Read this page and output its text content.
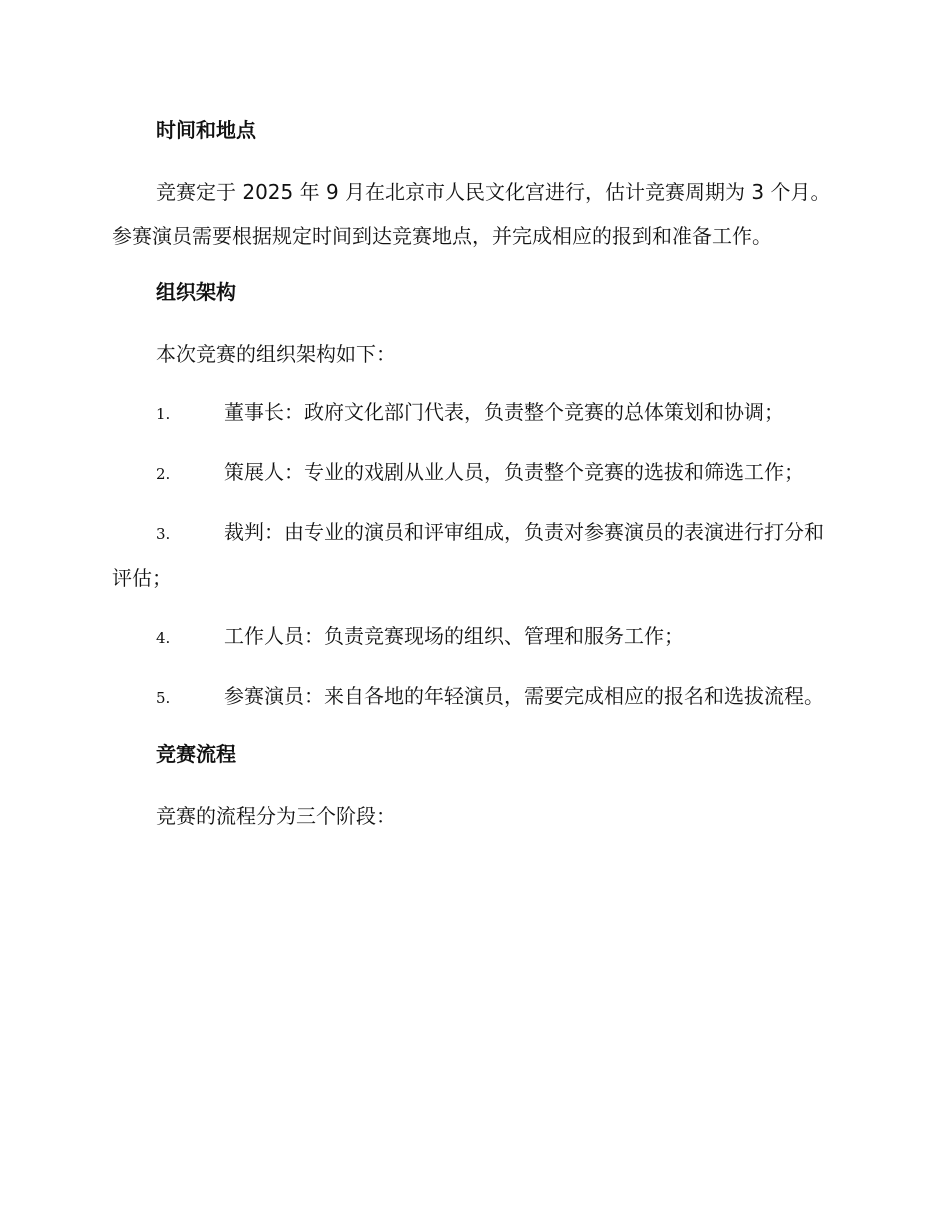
时间和地点

竞赛定于 2025 年 9 月在北京市人民文化宫进行，估计竞赛周期为 3 个月。参赛演员需要根据规定时间到达竞赛地点，并完成相应的报到和准备工作。

组织架构

本次竞赛的组织架构如下：

1.	董事长：政府文化部门代表，负责整个竞赛的总体策划和协调；

2.	策展人：专业的戏剧从业人员，负责整个竞赛的选拔和筛选工作；

3.	裁判：由专业的演员和评审组成，负责对参赛演员的表演进行打分和评估；

4.	工作人员：负责竞赛现场的组织、管理和服务工作；

5.	参赛演员：来自各地的年轻演员，需要完成相应的报名和选拔流程。

竞赛流程

竞赛的流程分为三个阶段：
